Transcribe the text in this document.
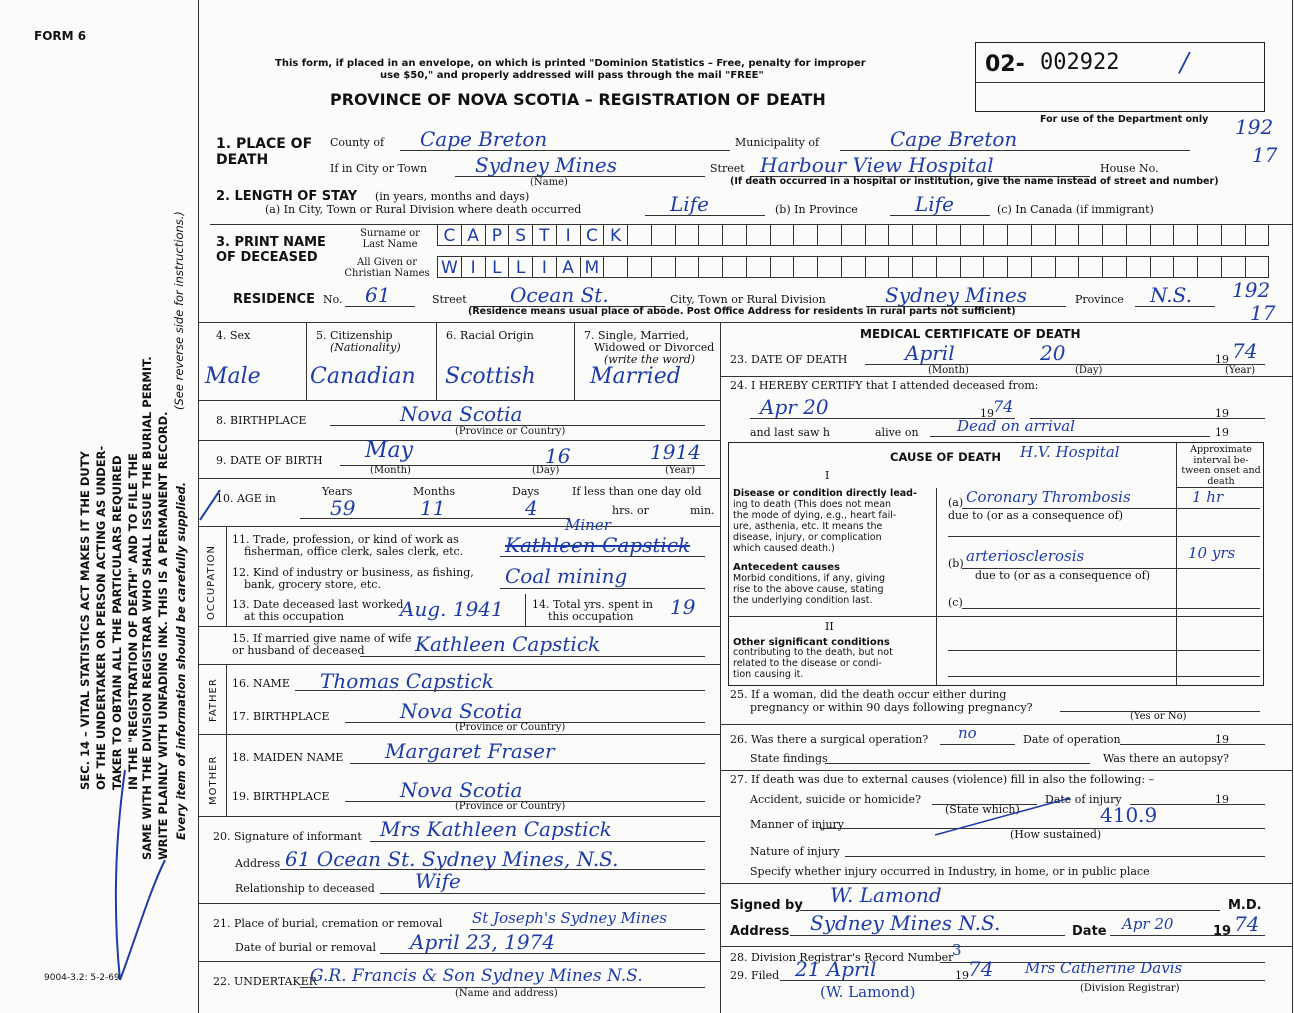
FORM 6
9004-3.2: 5-2-69
SEC. 14 – VITAL STATISTICS ACT MAKES IT THE DUTY OF THE UNDERTAKER OR PERSON ACTING AS UNDER- TAKER TO OBTAIN ALL THE PARTICULARS REQUIRED IN THE "REGISTRATION OF DEATH" AND TO FILE THE SAME WITH THE DIVISION REGISTRAR WHO SHALL ISSUE THE BURIAL PERMIT. WRITE PLAINLY WITH UNFADING INK. THIS IS A PERMANENT RECORD. Every item of information should be carefully supplied.
(See reverse side for instructions.)
This form, if placed in an envelope, on which is printed "Dominion Statistics – Free, penalty for improper
use $50," and properly addressed will pass through the mail "FREE"
PROVINCE OF NOVA SCOTIA – REGISTRATION OF DEATH
02- 002922 /
For use of the Department only
1. PLACE OF DEATH
County of Cape Breton	Municipality of	Cape Breton	192
17
If in City or Town Sydney Mines
(Name)
Street Harbour View Hospital	House No.
(If death occurred in a hospital or institution, give the name instead of street and number)
2. LENGTH OF STAY (in years, months and days)
(a) In City, Town or Rural Division where death occurred	Life	(b) In Province	Life	(c) In Canada (if immigrant)
3. PRINT NAME OF DECEASED
Surname or Last Name
All Given or Christian Names
C A P S T I C K
W I L L I A M
RESIDENCE No. 61	Street Ocean St.	City, Town or Rural Division	Sydney Mines	Province N.S. 192
17
(Residence means usual place of abode. Post Office Address for residents in rural parts not sufficient)
4. Sex
Male
5. Citizenship
(Nationality)
Canadian
6. Racial Origin
Scottish
7. Single, Married,
Widowed or Divorced
(write the word)
Married
8. BIRTHPLACE	Nova Scotia
(Province or Country)
9. DATE OF BIRTH May	16	1914
(Month)	(Day)	(Year)
10. AGE in
Years	Months	Days	If less than one day old
59	11	4	hrs. or	min.
OCCUPATION
11. Trade, profession, or kind of work as
fisherman, office clerk, sales clerk, etc.
Miner
Kathleen Capstick
12. Kind of industry or business, as fishing,
bank, grocery store, etc.	Coal mining
13. Date deceased last worked
at this occupation	Aug. 1941	14. Total yrs. spent in
this occupation 19
15. If married give name of wife
or husband of deceased	Kathleen Capstick
FATHER 16. NAME Thomas Capstick
17. BIRTHPLACE	Nova Scotia
(Province or Country)
MOTHER 18. MAIDEN NAME Margaret Fraser
19. BIRTHPLACE	Nova Scotia
(Province or Country)
20. Signature of informant Mrs Kathleen Capstick
Address 61 Ocean St. Sydney Mines, N.S.
Relationship to deceased Wife
21. Place of burial, cremation or removal St Joseph's Sydney Mines
Date of burial or removal April 23, 1974
22. UNDERTAKER
G.R. Francis & Son Sydney Mines N.S.
(Name and address)
MEDICAL CERTIFICATE OF DEATH
23. DATE OF DEATH	April	20	19 74
(Month)	(Day)	(Year)
24. I HEREBY CERTIFY that I attended deceased from:
Apr 20	19 74	19
and last saw h	alive on	Dead on arrival	19
CAUSE OF DEATH H.V. Hospital	Approximate interval be- tween onset and death
I
Disease or condition directly lead-
ing to death (This does not mean
the mode of dying, e.g., heart fail-
ure, asthenia, etc. It means the
disease, injury, or complication
which caused death.)
(a) Coronary Thrombosis	1 hr
due to (or as a consequence of)
Antecedent causes
Morbid conditions, if any, giving
rise to the above cause, stating
the underlying condition last.
(b) arteriosclerosis	10 yrs
due to (or as a consequence of)
(c)
II
Other significant conditions
contributing to the death, but not
related to the disease or condi-
tion causing it.
25. If a woman, did the death occur either during
pregnancy or within 90 days following pregnancy?
(Yes or No)
26. Was there a surgical operation? no	Date of operation	19
State findings	Was there an autopsy?
27. If death was due to external causes (violence) fill in also the following: –
Accident, suicide or homicide?	Date of injury	19
Manner of injury
(State which)	410.9
(How sustained)
Nature of injury
Specify whether injury occurred in Industry, in home, or in public place
Signed by W. Lamond	M.D.
Address Sydney Mines N.S.	Date Apr 20	19 74
28. Division Registrar's Record Number
3
29. Filed 21 April	19 74 Mrs Catherine Davis
(Division Registrar)
(W. Lamond)
